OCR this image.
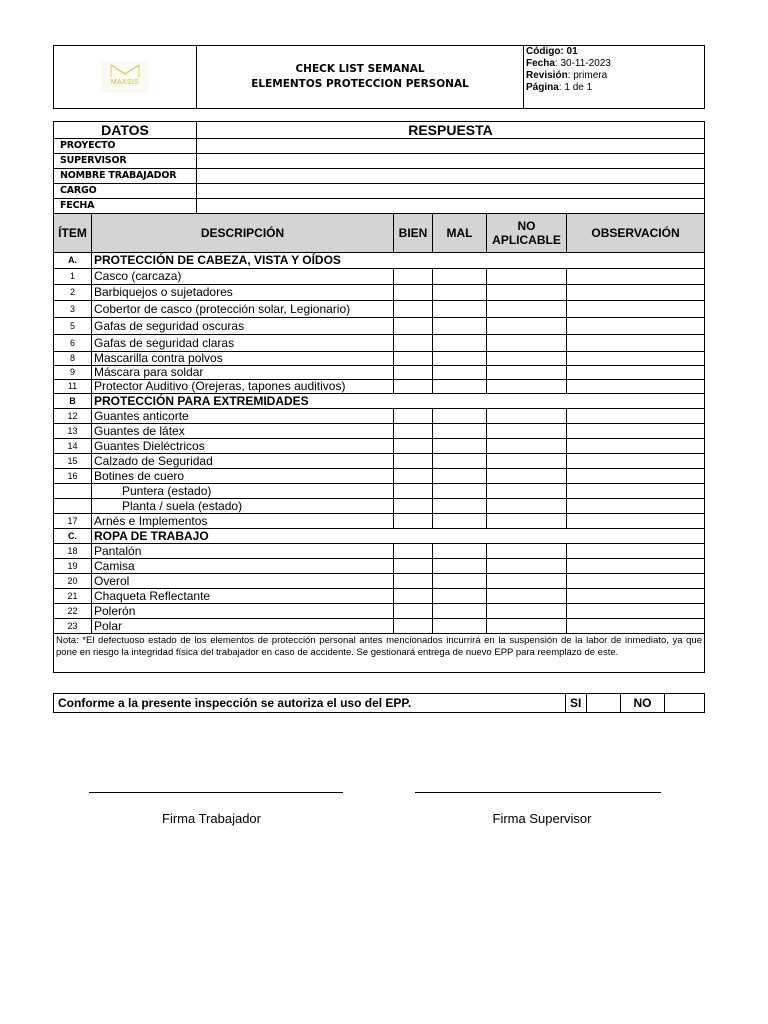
MAXSIS

CHECK LIST SEMANAL
ELEMENTOS PROTECCION PERSONAL

Código: 01
Fecha: 30-11-2023
Revisión: primera
Página: 1 de 1
DATOS	RESPUESTA
PROYECTO	
SUPERVISOR	
NOMBRE TRABAJADOR	
CARGO	
FECHA	
ÍTEM	DESCRIPCIÓN	BIEN	MAL	NO APLICABLE	OBSERVACIÓN
A.	PROTECCIÓN DE CABEZA, VISTA Y OÍDOS				
1	Casco (carcaza)				
2	Barbiquejos o sujetadores				
3	Cobertor de casco (protección solar, Legionario)				
5	Gafas de seguridad oscuras				
6	Gafas de seguridad claras				
8	Mascarilla contra polvos				
9	Máscara para soldar				
11	Protector Auditivo (Orejeras, tapones auditivos)				
B	PROTECCIÓN PARA EXTREMIDADES				
12	Guantes anticorte				
13	Guantes de látex				
14	Guantes Dieléctricos				
15	Calzado de Seguridad				
16	Botines de cuero				
	Puntera (estado)				
	Planta / suela (estado)				
17	Arnés e Implementos				
C.	ROPA DE TRABAJO				
18	Pantalón				
19	Camisa				
20	Overol				
21	Chaqueta Reflectante				
22	Polerón				
23	Polar				
Nota: *El defectuoso estado de los elementos de protección personal antes mencionados incurrirá en la suspensión de la labor de inmediato, ya que pone en riesgo la integridad física del trabajador en caso de accidente. Se gestionará entrega de nuevo EPP para reemplazo de este.					
Conforme a la presente inspección se autoriza el uso del EPP.	SI		NO	
Firma Trabajador	Firma Supervisor
